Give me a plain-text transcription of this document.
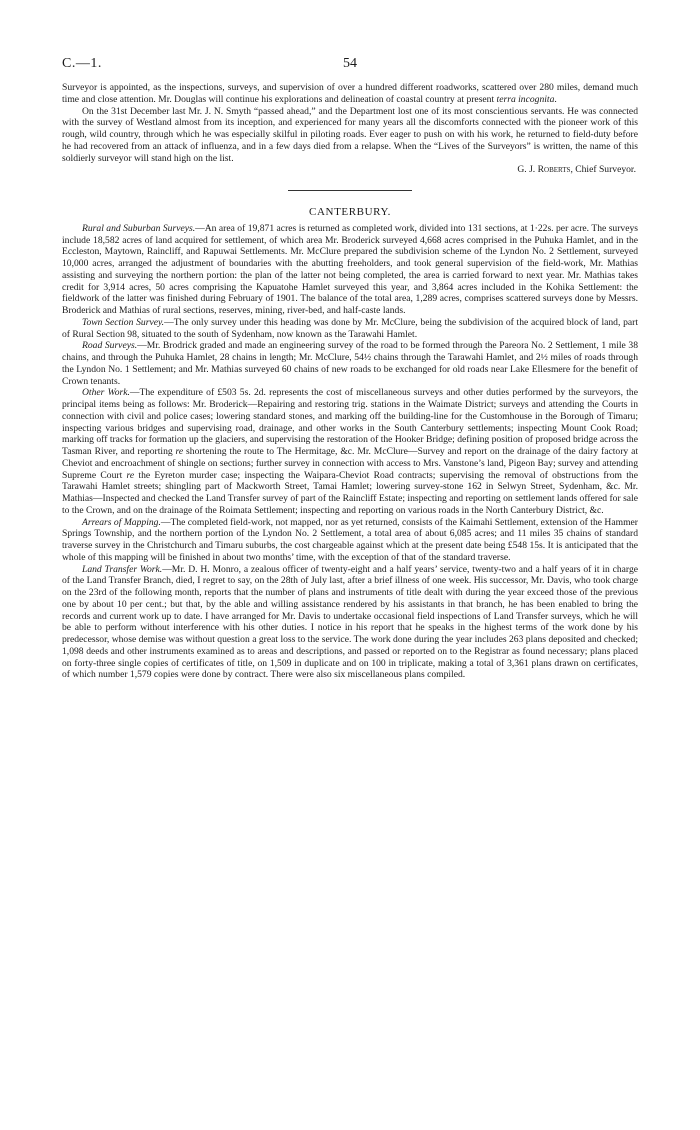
C.—1.	54

Surveyor is appointed, as the inspections, surveys, and supervision of over a hundred different roadworks, scattered over 280 miles, demand much time and close attention. Mr. Douglas will continue his explorations and delineation of coastal country at present terra incognita.

On the 31st December last Mr. J. N. Smyth “passed ahead,” and the Department lost one of its most conscientious servants. He was connected with the survey of Westland almost from its inception, and experienced for many years all the discomforts connected with the pioneer work of this rough, wild country, through which he was especially skilful in piloting roads. Ever eager to push on with his work, he returned to field-duty before he had recovered from an attack of influenza, and in a few days died from a relapse. When the “Lives of the Surveyors” is written, the name of this soldierly surveyor will stand high on the list.

G. J. Roberts, Chief Surveyor.

CANTERBURY.

Rural and Suburban Surveys.—An area of 19,871 acres is returned as completed work, divided into 131 sections, at 1·22s. per acre. The surveys include 18,582 acres of land acquired for settlement, of which area Mr. Broderick surveyed 4,668 acres comprised in the Puhuka Hamlet, and in the Eccleston, Maytown, Raincliff, and Rapuwai Settlements. Mr. McClure prepared the subdivision scheme of the Lyndon No. 2 Settlement, surveyed 10,000 acres, arranged the adjustment of boundaries with the abutting freeholders, and took general supervision of the field-work, Mr. Mathias assisting and surveying the northern portion: the plan of the latter not being completed, the area is carried forward to next year. Mr. Mathias takes credit for 3,914 acres, 50 acres comprising the Kapuatohe Hamlet surveyed this year, and 3,864 acres included in the Kohika Settlement: the fieldwork of the latter was finished during February of 1901. The balance of the total area, 1,289 acres, comprises scattered surveys done by Messrs. Broderick and Mathias of rural sections, reserves, mining, river-bed, and half-caste lands.

Town Section Survey.—The only survey under this heading was done by Mr. McClure, being the subdivision of the acquired block of land, part of Rural Section 98, situated to the south of Sydenham, now known as the Tarawahi Hamlet.

Road Surveys.—Mr. Brodrick graded and made an engineering survey of the road to be formed through the Pareora No. 2 Settlement, 1 mile 38 chains, and through the Puhuka Hamlet, 28 chains in length; Mr. McClure, 54½ chains through the Tarawahi Hamlet, and 2½ miles of roads through the Lyndon No. 1 Settlement; and Mr. Mathias surveyed 60 chains of new roads to be exchanged for old roads near Lake Ellesmere for the benefit of Crown tenants.

Other Work.—The expenditure of £503 5s. 2d. represents the cost of miscellaneous surveys and other duties performed by the surveyors, the principal items being as follows: Mr. Broderick—Repairing and restoring trig. stations in the Waimate District; surveys and attending the Courts in connection with civil and police cases; lowering standard stones, and marking off the building-line for the Customhouse in the Borough of Timaru; inspecting various bridges and supervising road, drainage, and other works in the South Canterbury settlements; inspecting Mount Cook Road; marking off tracks for formation up the glaciers, and supervising the restoration of the Hooker Bridge; defining position of proposed bridge across the Tasman River, and reporting re shortening the route to The Hermitage, &c. Mr. McClure—Survey and report on the drainage of the dairy factory at Cheviot and encroachment of shingle on sections; further survey in connection with access to Mrs. Vanstone’s land, Pigeon Bay; survey and attending Supreme Court re the Eyreton murder case; inspecting the Waipara-Cheviot Road contracts; supervising the removal of obstructions from the Tarawahi Hamlet streets; shingling part of Mackworth Street, Tamai Hamlet; lowering survey-stone 162 in Selwyn Street, Sydenham, &c. Mr. Mathias—Inspected and checked the Land Transfer survey of part of the Raincliff Estate; inspecting and reporting on settlement lands offered for sale to the Crown, and on the drainage of the Roimata Settlement; inspecting and reporting on various roads in the North Canterbury District, &c.

Arrears of Mapping.—The completed field-work, not mapped, nor as yet returned, consists of the Kaimahi Settlement, extension of the Hammer Springs Township, and the northern portion of the Lyndon No. 2 Settlement, a total area of about 6,085 acres; and 11 miles 35 chains of standard traverse survey in the Christchurch and Timaru suburbs, the cost chargeable against which at the present date being £548 15s. It is anticipated that the whole of this mapping will be finished in about two months’ time, with the exception of that of the standard traverse.

Land Transfer Work.—Mr. D. H. Monro, a zealous officer of twenty-eight and a half years’ service, twenty-two and a half years of it in charge of the Land Transfer Branch, died, I regret to say, on the 28th of July last, after a brief illness of one week. His successor, Mr. Davis, who took charge on the 23rd of the following month, reports that the number of plans and instruments of title dealt with during the year exceed those of the previous one by about 10 per cent.; but that, by the able and willing assistance rendered by his assistants in that branch, he has been enabled to bring the records and current work up to date. I have arranged for Mr. Davis to undertake occasional field inspections of Land Transfer surveys, which he will be able to perform without interference with his other duties. I notice in his report that he speaks in the highest terms of the work done by his predecessor, whose demise was without question a great loss to the service. The work done during the year includes 263 plans deposited and checked; 1,098 deeds and other instruments examined as to areas and descriptions, and passed or reported on to the Registrar as found necessary; plans placed on forty-three single copies of certificates of title, on 1,509 in duplicate and on 100 in triplicate, making a total of 3,361 plans drawn on certificates, of which number 1,579 copies were done by contract. There were also six miscellaneous plans compiled.
